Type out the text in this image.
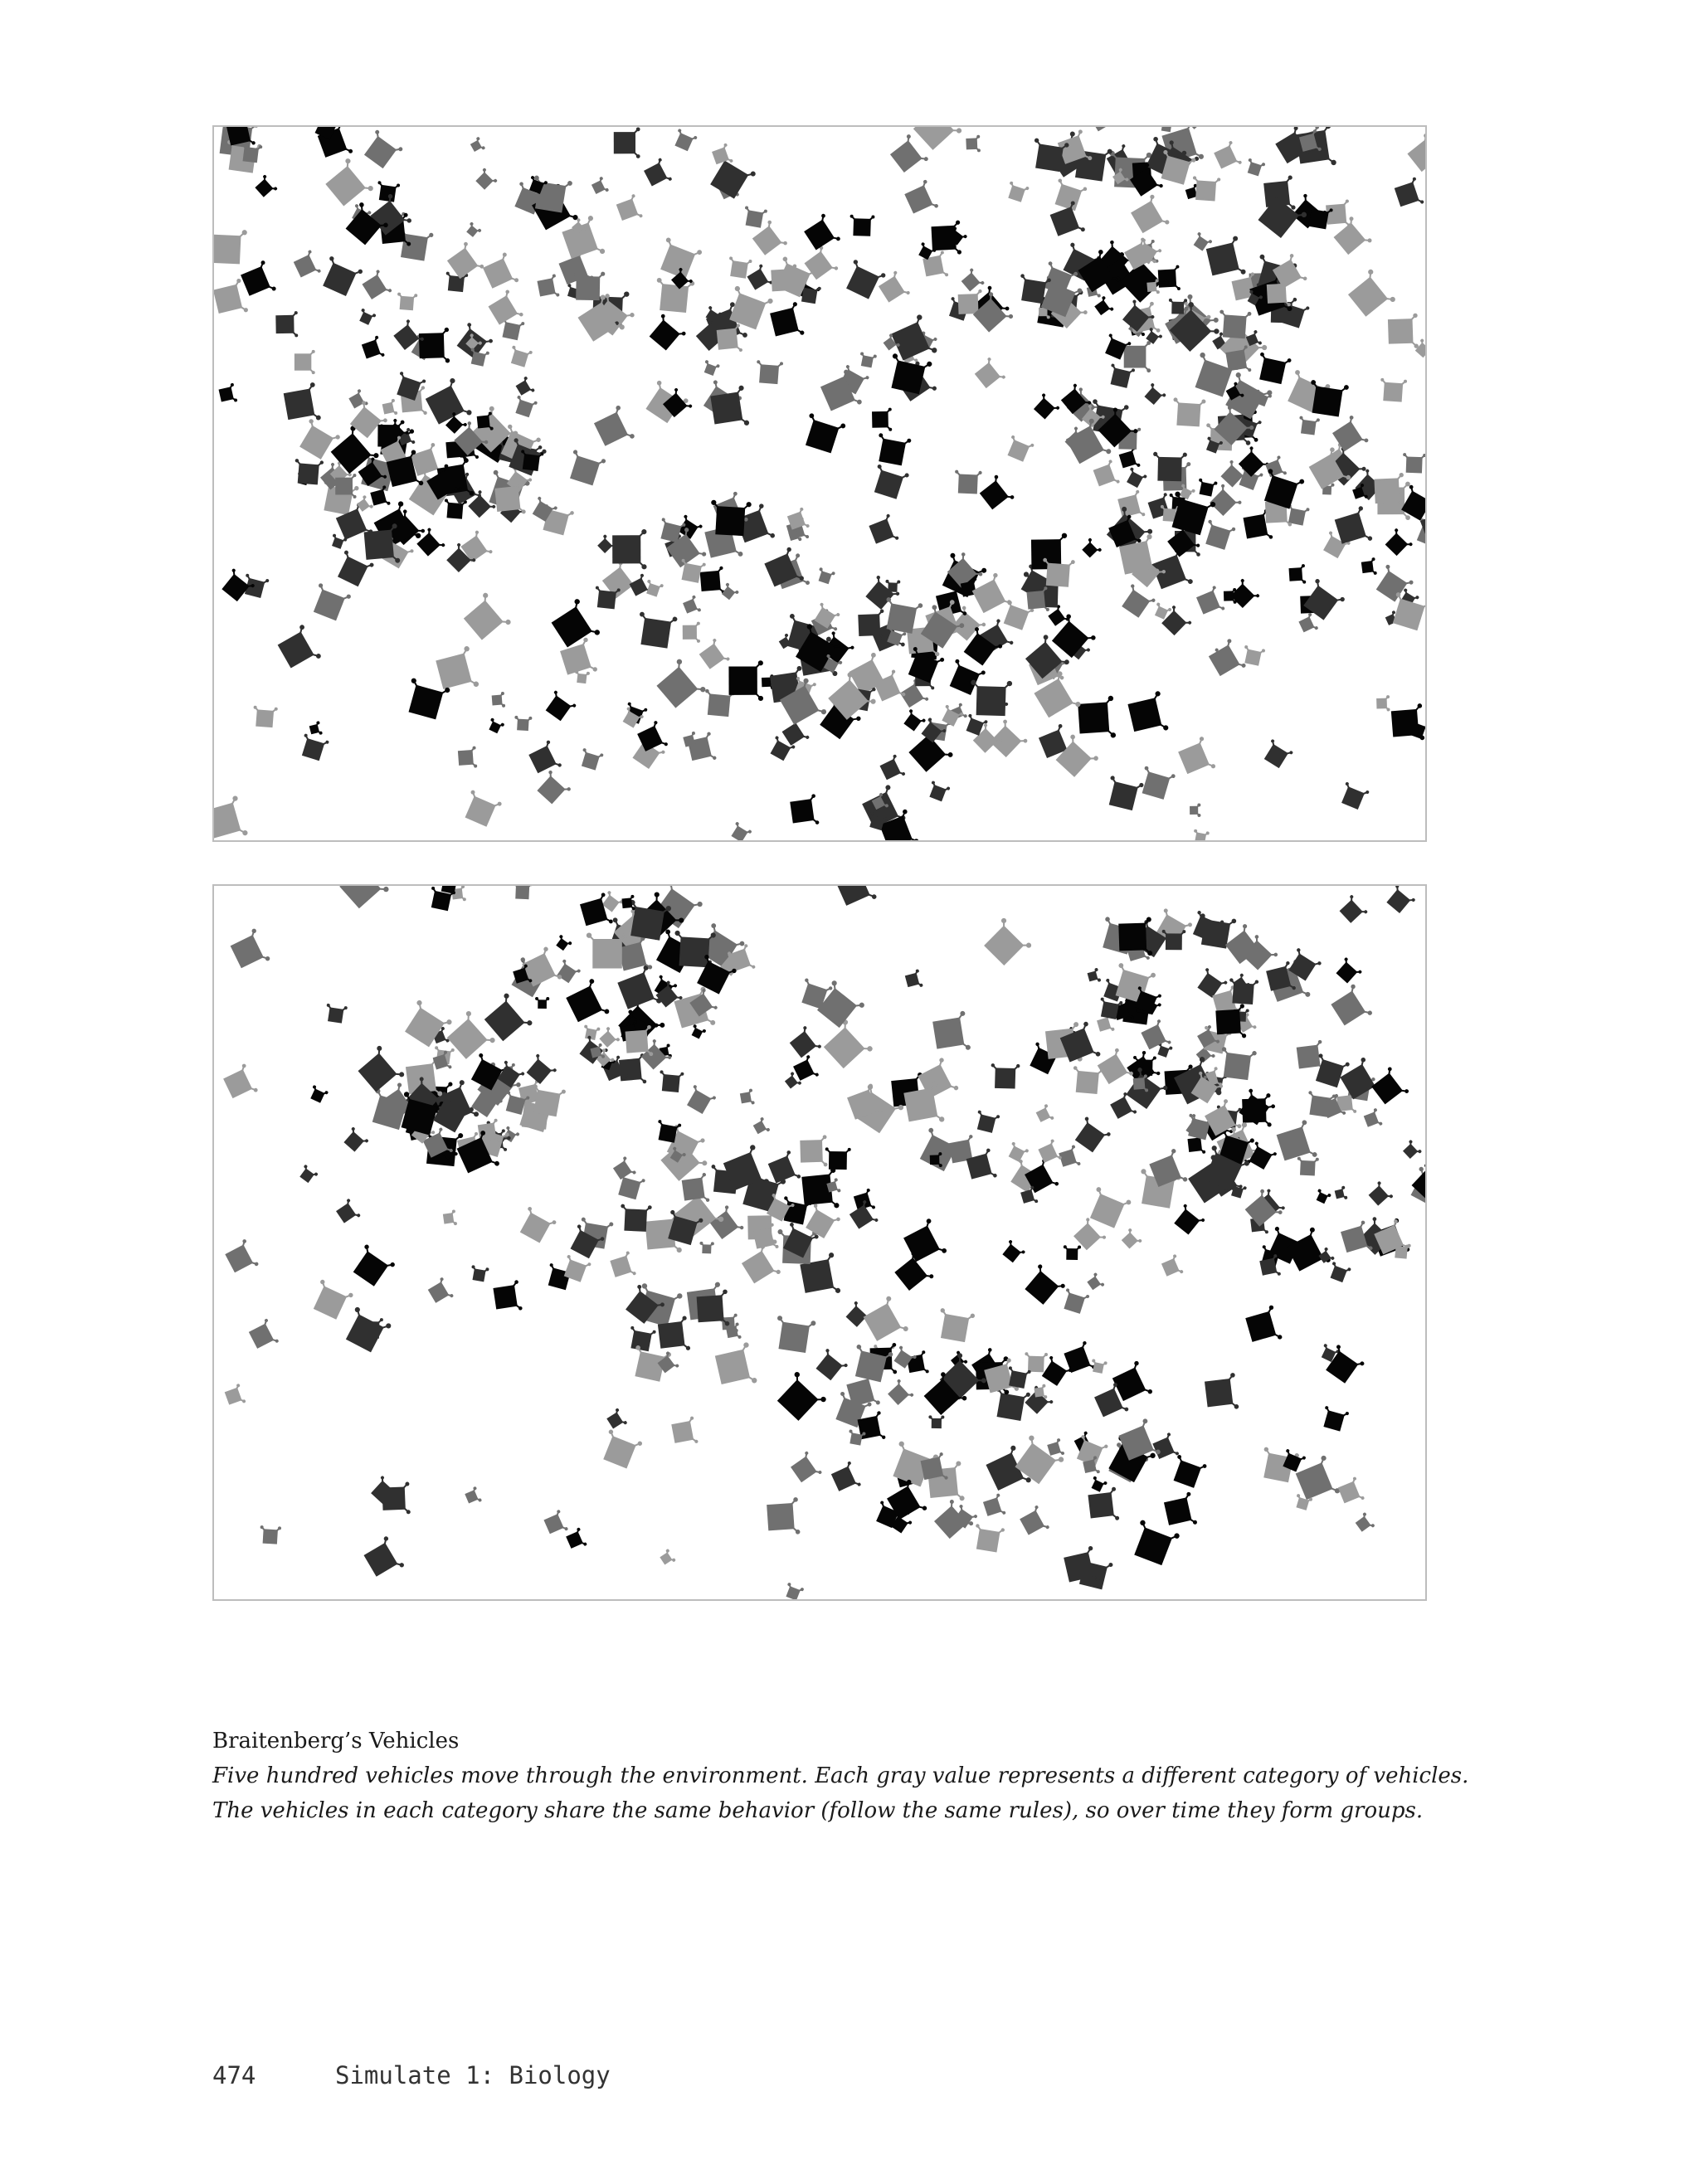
Braitenberg’s Vehicles
Five hundred vehicles move through the environment. Each gray value represents a different category of vehicles.
The vehicles in each category share the same behavior (follow the same rules), so over time they form groups.
474	Simulate 1: Biology
